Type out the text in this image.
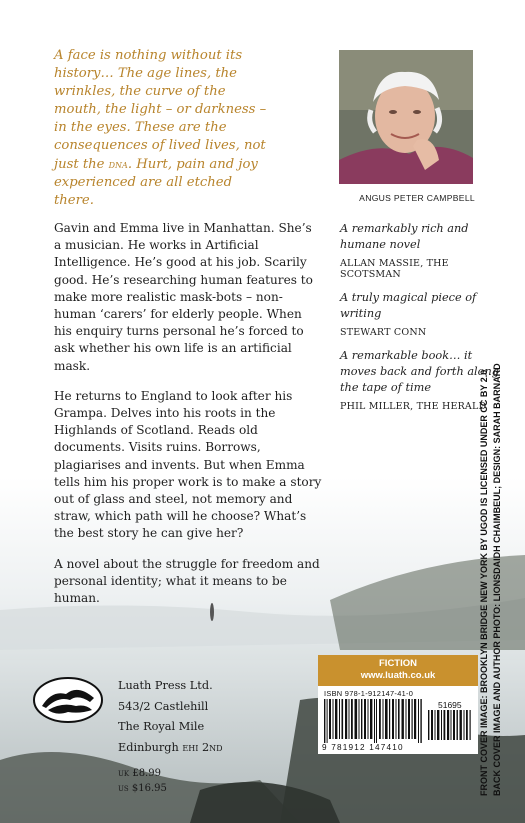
A face is nothing without its history… The age lines, the wrinkles, the curve of the mouth, the light – or darkness – in the eyes. These are the consequences of lived lives, not just the dna. Hurt, pain and joy experienced are all etched there.	ANGUS PETER CAMPBELL

Gavin and Emma live in Manhattan. She’s a musician. He works in Artificial Intelligence. He’s good at his job. Scarily good. He’s researching human features to make more realistic mask-bots – non-human ‘carers’ for elderly people. When his enquiry turns personal he’s forced to ask whether his own life is an artificial mask.

He returns to England to look after his Grampa. Delves into his roots in the Highlands of Scotland. Reads old documents. Visits ruins. Borrows, plagiarises and invents. But when Emma tells him his proper work is to make a story out of glass and steel, not memory and straw, which path will he choose? What’s the best story he can give her?

A novel about the struggle for freedom and personal identity; what it means to be human.

A remarkably rich and humane novel
ALLAN MASSIE, THE SCOTSMAN
A truly magical piece of writing
STEWART CONN
A remarkable book… it moves back and forth along the tape of time
PHIL MILLER, THE HERALD
FRONT COVER IMAGE: BROOKLYN BRIDGE NEW YORK BY UGOD IS LICENSED UNDER CC BY 2.0 BACK COVER IMAGE AND AUTHOR PHOTO: LIONSDAIDH CHAIMBEUL; DESIGN: SARAH BARNARD
Luath Press Ltd.
543/2 Castlehill
The Royal Mile
Edinburgh ehi 2nd
uk £8.99
us $16.95
FICTION
www.luath.co.uk
ISBN 978-1-912147-41-0
51695
9 781912 147410
